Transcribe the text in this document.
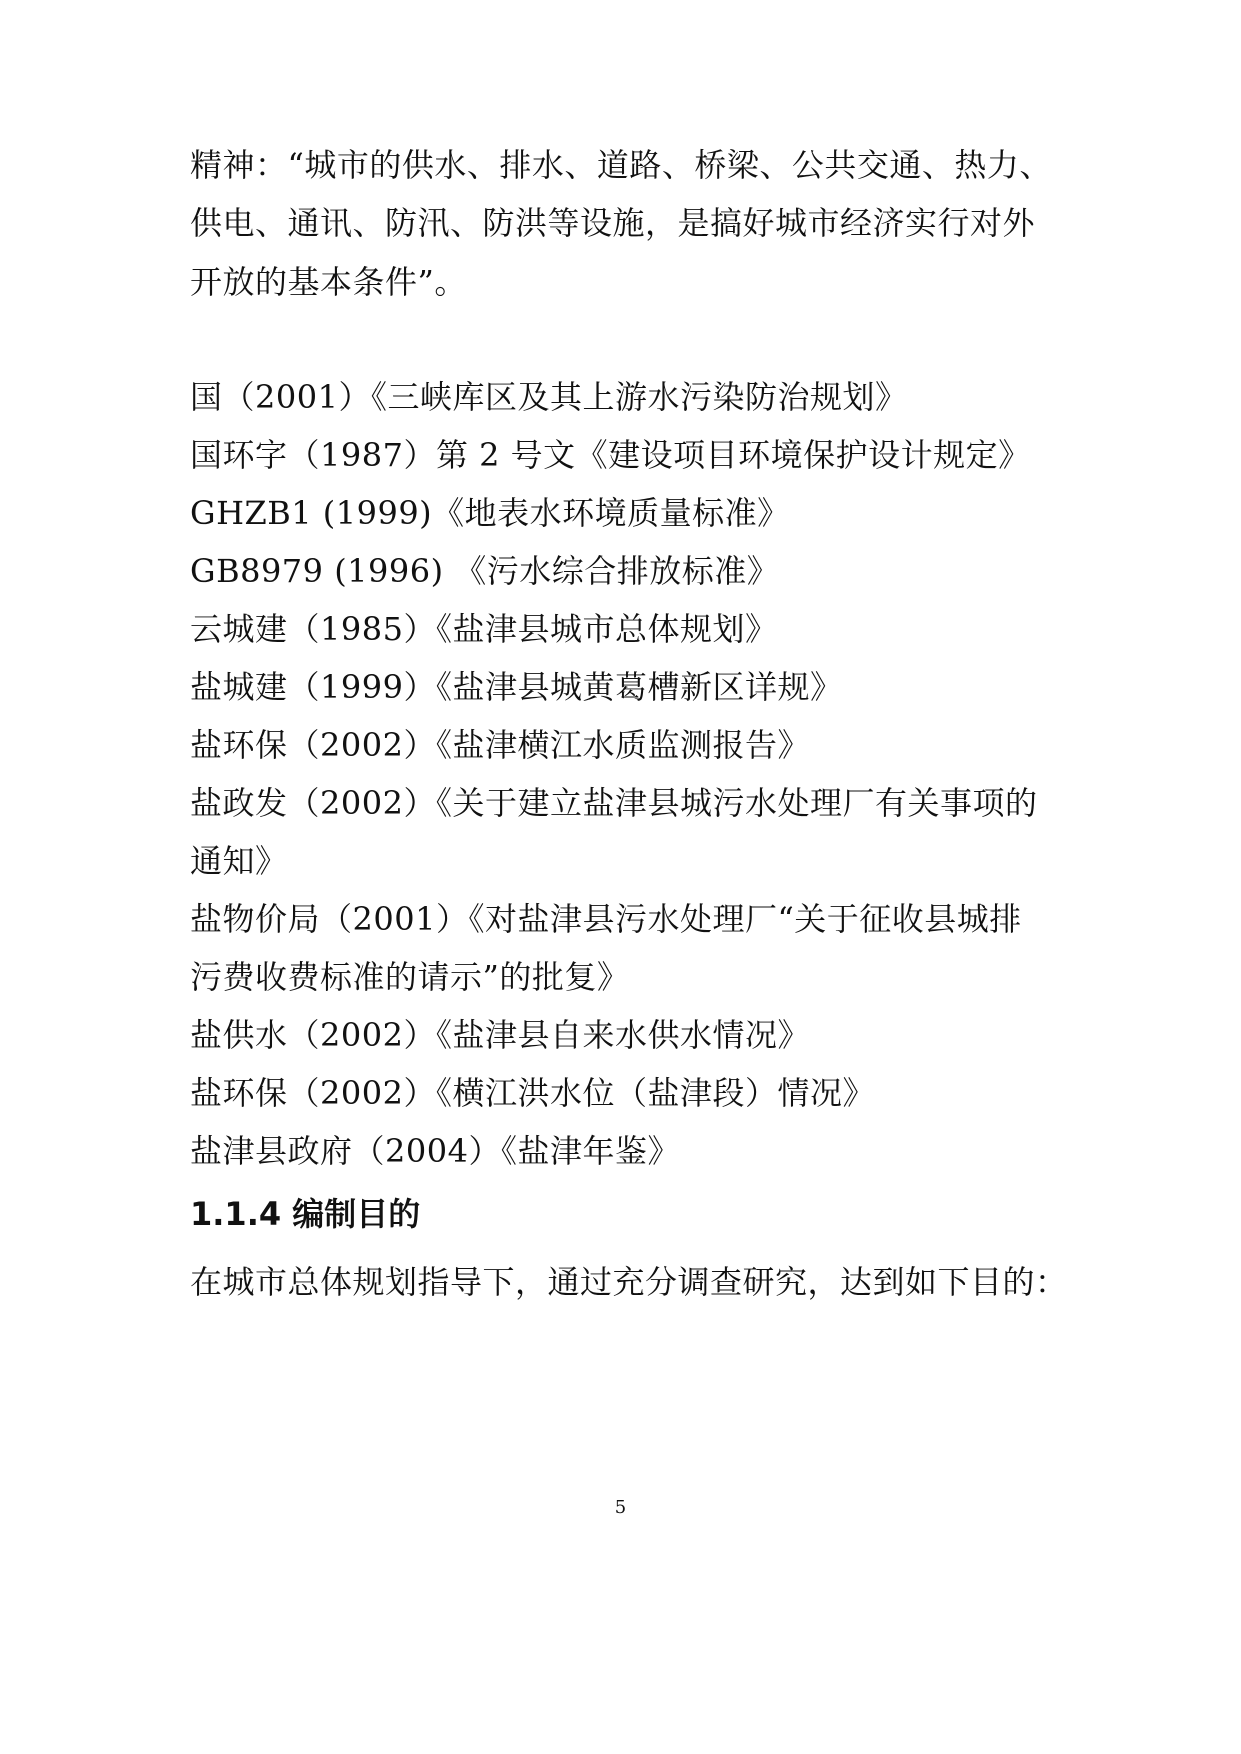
精神：“城市的供水、排水、道路、桥梁、公共交通、热力、
供电、通讯、防汛、防洪等设施，是搞好城市经济实行对外
开放的基本条件”。
国（2001）《三峡库区及其上游水污染防治规划》
国环字（1987）第 2 号文《建设项目环境保护设计规定》
GHZB1 (1999)《地表水环境质量标准》
GB8979 (1996) 《污水综合排放标准》
云城建（1985）《盐津县城市总体规划》
盐城建（1999）《盐津县城黄葛槽新区详规》
盐环保（2002）《盐津横江水质监测报告》
盐政发（2002）《关于建立盐津县城污水处理厂有关事项的
通知》
盐物价局（2001）《对盐津县污水处理厂“关于征收县城排
污费收费标准的请示”的批复》
盐供水（2002）《盐津县自来水供水情况》
盐环保（2002）《横江洪水位（盐津段）情况》
盐津县政府（2004）《盐津年鉴》
1.1.4 编制目的
在城市总体规划指导下，通过充分调查研究，达到如下目的：
5
